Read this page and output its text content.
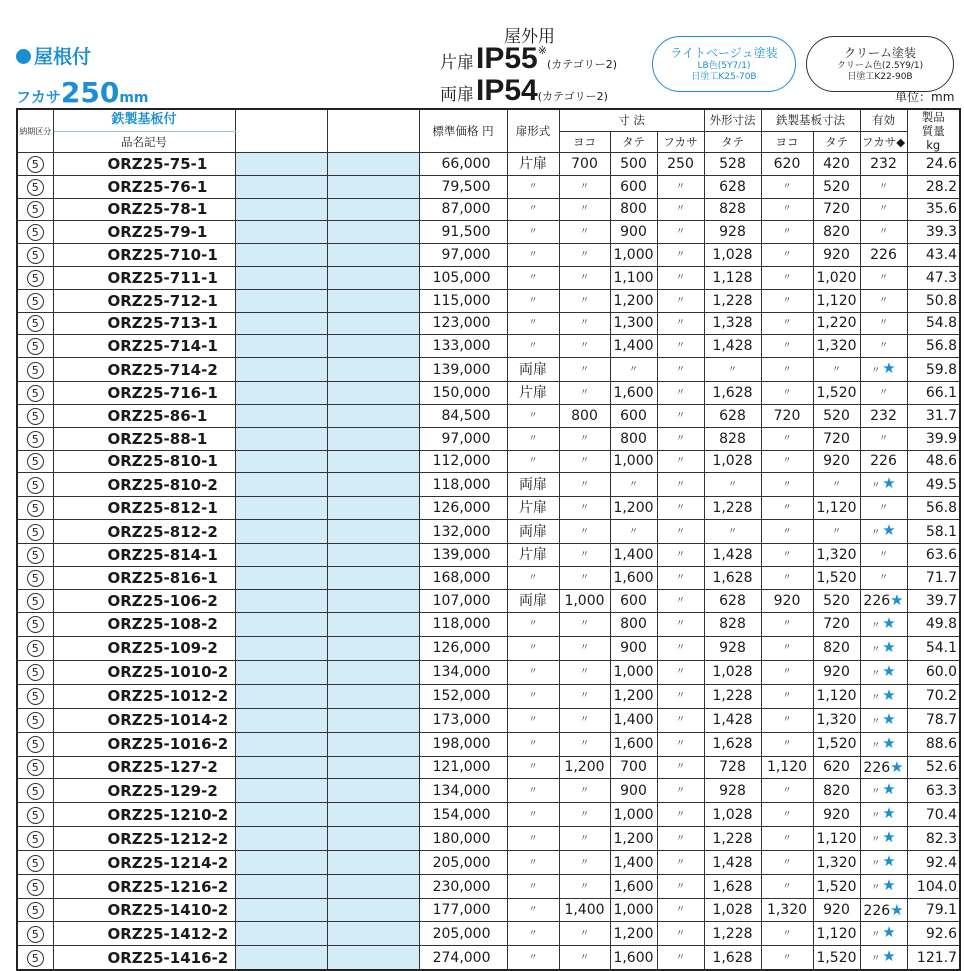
屋根付
フカサ250mm
屋外用
片扉IP55※(カテゴリー2)
両扉IP54(カテゴリー2)
ライトベージュ塗装
LB色(5Y7/1)
日塗工K25-70B
クリーム塗装
クリーム色(2.5Y9/1)
日塗工K22-90B
単位：mm
納期区分	鉄製基板付			標準価格 円	扉形式	寸 法			外形寸法	鉄製基板寸法		有効	製品
質量
kg
	品名記号					ヨコ	タテ	フカサ	タテ	ヨコ	タテ	フカサ◆	
5	ORZ25-75-1			66,000	片扉	700	500	250	528	620	420	232	24.6
5	ORZ25-76-1			79,500	〃	〃	600	〃	628	〃	520	〃	28.2
5	ORZ25-78-1			87,000	〃	〃	800	〃	828	〃	720	〃	35.6
5	ORZ25-79-1			91,500	〃	〃	900	〃	928	〃	820	〃	39.3
5	ORZ25-710-1			97,000	〃	〃	1,000	〃	1,028	〃	920	226	43.4
5	ORZ25-711-1			105,000	〃	〃	1,100	〃	1,128	〃	1,020	〃	47.3
5	ORZ25-712-1			115,000	〃	〃	1,200	〃	1,228	〃	1,120	〃	50.8
5	ORZ25-713-1			123,000	〃	〃	1,300	〃	1,328	〃	1,220	〃	54.8
5	ORZ25-714-1			133,000	〃	〃	1,400	〃	1,428	〃	1,320	〃	56.8
5	ORZ25-714-2			139,000	両扉	〃	〃	〃	〃	〃	〃	〃 ★	59.8
5	ORZ25-716-1			150,000	片扉	〃	1,600	〃	1,628	〃	1,520	〃	66.1
5	ORZ25-86-1			84,500	〃	800	600	〃	628	720	520	232	31.7
5	ORZ25-88-1			97,000	〃	〃	800	〃	828	〃	720	〃	39.9
5	ORZ25-810-1			112,000	〃	〃	1,000	〃	1,028	〃	920	226	48.6
5	ORZ25-810-2			118,000	両扉	〃	〃	〃	〃	〃	〃	〃 ★	49.5
5	ORZ25-812-1			126,000	片扉	〃	1,200	〃	1,228	〃	1,120	〃	56.8
5	ORZ25-812-2			132,000	両扉	〃	〃	〃	〃	〃	〃	〃 ★	58.1
5	ORZ25-814-1			139,000	片扉	〃	1,400	〃	1,428	〃	1,320	〃	63.6
5	ORZ25-816-1			168,000	〃	〃	1,600	〃	1,628	〃	1,520	〃	71.7
5	ORZ25-106-2			107,000	両扉	1,000	600	〃	628	920	520	226★	39.7
5	ORZ25-108-2			118,000	〃	〃	800	〃	828	〃	720	〃 ★	49.8
5	ORZ25-109-2			126,000	〃	〃	900	〃	928	〃	820	〃 ★	54.1
5	ORZ25-1010-2			134,000	〃	〃	1,000	〃	1,028	〃	920	〃 ★	60.0
5	ORZ25-1012-2			152,000	〃	〃	1,200	〃	1,228	〃	1,120	〃 ★	70.2
5	ORZ25-1014-2			173,000	〃	〃	1,400	〃	1,428	〃	1,320	〃 ★	78.7
5	ORZ25-1016-2			198,000	〃	〃	1,600	〃	1,628	〃	1,520	〃 ★	88.6
5	ORZ25-127-2			121,000	〃	1,200	700	〃	728	1,120	620	226★	52.6
5	ORZ25-129-2			134,000	〃	〃	900	〃	928	〃	820	〃 ★	63.3
5	ORZ25-1210-2			154,000	〃	〃	1,000	〃	1,028	〃	920	〃 ★	70.4
5	ORZ25-1212-2			180,000	〃	〃	1,200	〃	1,228	〃	1,120	〃 ★	82.3
5	ORZ25-1214-2			205,000	〃	〃	1,400	〃	1,428	〃	1,320	〃 ★	92.4
5	ORZ25-1216-2			230,000	〃	〃	1,600	〃	1,628	〃	1,520	〃 ★	104.0
5	ORZ25-1410-2			177,000	〃	1,400	1,000	〃	1,028	1,320	920	226★	79.1
5	ORZ25-1412-2			205,000	〃	〃	1,200	〃	1,228	〃	1,120	〃 ★	92.6
5	ORZ25-1416-2			274,000	〃	〃	1,600	〃	1,628	〃	1,520	〃 ★	121.7
